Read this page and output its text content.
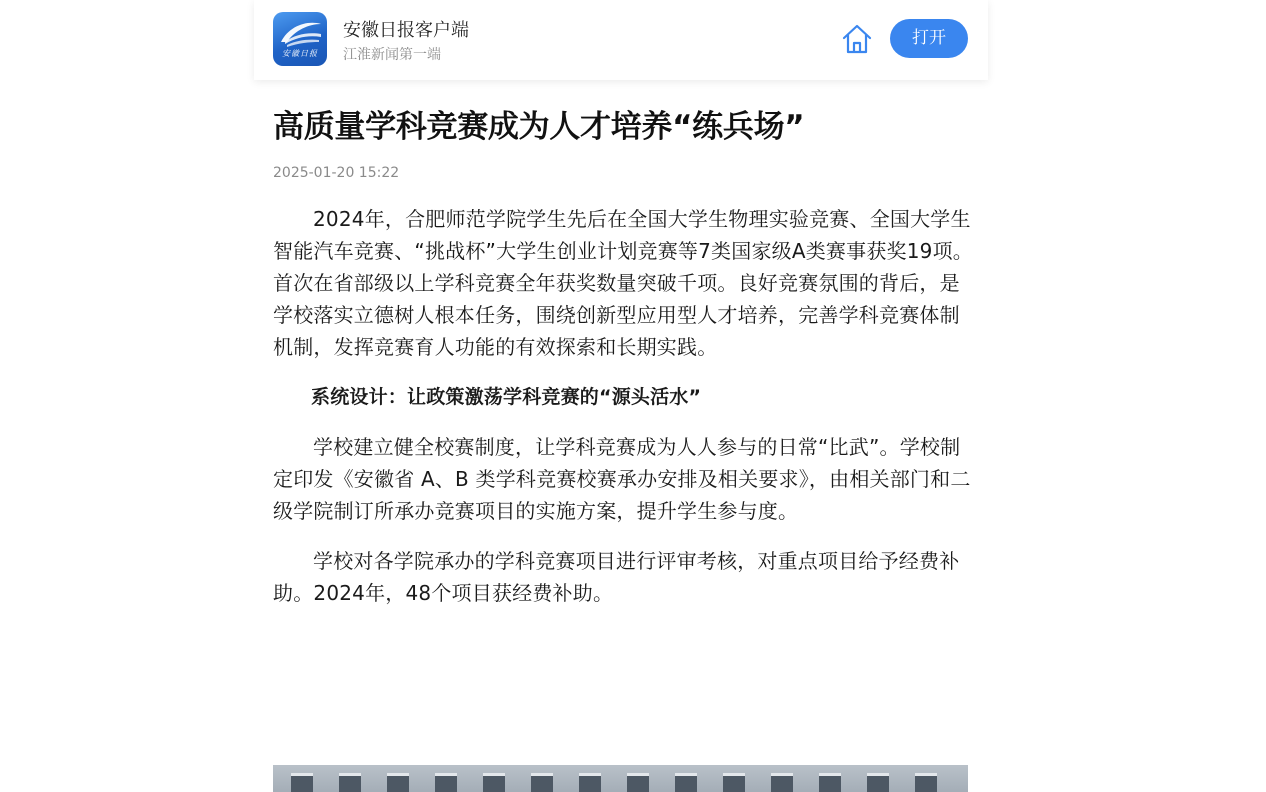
安徽日报
安徽日报客户端
江淮新闻第一端
打开
高质量学科竞赛成为人才培养“练兵场”
2025-01-20 15:22

2024年，合肥师范学院学生先后在全国大学生物理实验竞赛、全国大学生智能汽车竞赛、“挑战杯”大学生创业计划竞赛等7类国家级A类赛事获奖19项。首次在省部级以上学科竞赛全年获奖数量突破千项。良好竞赛氛围的背后，是学校落实立德树人根本任务，围绕创新型应用型人才培养，完善学科竞赛体制机制，发挥竞赛育人功能的有效探索和长期实践。

系统设计：让政策激荡学科竞赛的“源头活水”

学校建立健全校赛制度，让学科竞赛成为人人参与的日常“比武”。学校制定印发《安徽省 A、B 类学科竞赛校赛承办安排及相关要求》，由相关部门和二级学院制订所承办竞赛项目的实施方案，提升学生参与度。

学校对各学院承办的学科竞赛项目进行评审考核，对重点项目给予经费补助。2024年，48个项目获经费补助。
